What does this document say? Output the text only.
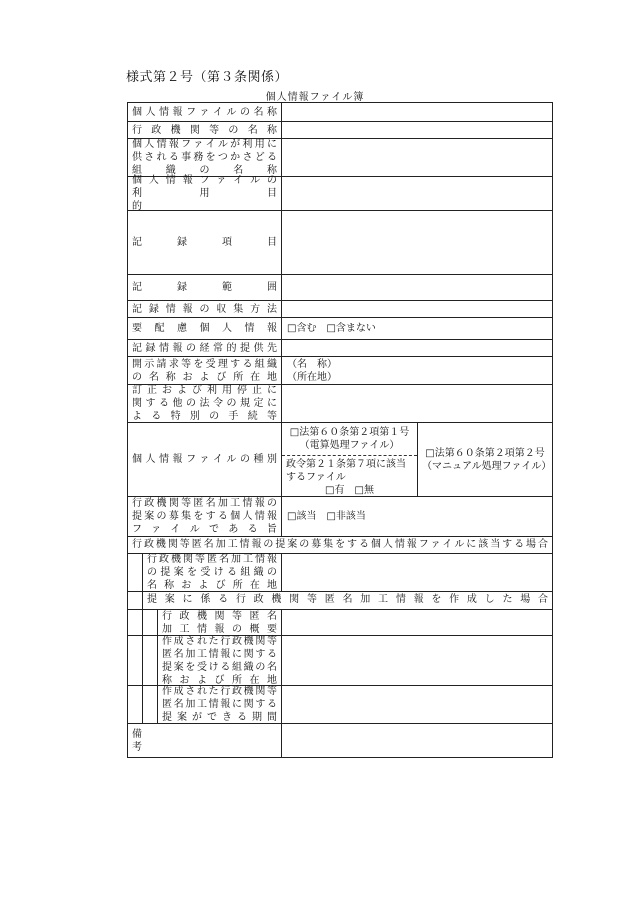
様式第２号（第３条関係）
個人情報ファイル簿
個人情報ファイルの名称
行政機関等の名称
個人情報ファイルが利用に
供される事務をつかさどる
組　　織　　の　　名　　称
個人情報ファイルの
利　　　　　用　　　　　目　　　　　的
記　　　録　　　項　　　目
記　　　録　　　範　　　囲
記録情報の収集方法
要配慮個人情報 □含む　□含まない
記録情報の経常的提供先
開示請求等を受理する組織
の名称および所在地
（名　称）
（所在地）
訂正および利用停止に
関する他の法令の規定に
よる特別の手続等
個人情報ファイルの種別
□法第６０条第２項第１号
（電算処理ファイル）
政令第２１条第７項に該当
するファイル
□有　□無
□法第６０条第２項第２号
（マニュアル処理ファイル）
行政機関等匿名加工情報の
提案の募集をする個人情報
ファイルである旨
□該当　□非該当
行政機関等匿名加工情報の提案の募集をする個人情報ファイルに該当する場合
行政機関等匿名加工情報
の提案を受ける組織の
名称および所在地
提案に係る行政機関等匿名加工情報を作成した場合
行政機関等匿名
加工情報の概要
作成された行政機関等
匿名加工情報に関する
提案を受ける組織の名
称および所在地
作成された行政機関等
匿名加工情報に関する
提案ができる期間
備　　　　　　　　　　　　　　考
